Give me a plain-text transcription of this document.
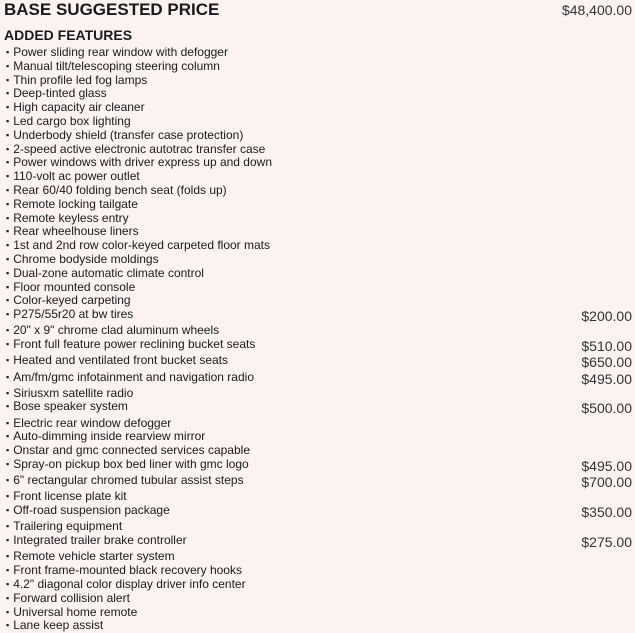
BASE SUGGESTED PRICE	$48,400.00
ADDED FEATURES
▪ Power sliding rear window with defogger
▪ Manual tilt/telescoping steering column
▪ Thin profile led fog lamps
▪ Deep-tinted glass
▪ High capacity air cleaner
▪ Led cargo box lighting
▪ Underbody shield (transfer case protection)
▪ 2-speed active electronic autotrac transfer case
▪ Power windows with driver express up and down
▪ 110-volt ac power outlet
▪ Rear 60/40 folding bench seat (folds up)
▪ Remote locking tailgate
▪ Remote keyless entry
▪ Rear wheelhouse liners
▪ 1st and 2nd row color-keyed carpeted floor mats
▪ Chrome bodyside moldings
▪ Dual-zone automatic climate control
▪ Floor mounted console
▪ Color-keyed carpeting
▪ P275/55r20 at bw tires	$200.00
▪ 20" x 9" chrome clad aluminum wheels
▪ Front full feature power reclining bucket seats	$510.00
▪ Heated and ventilated front bucket seats	$650.00
▪ Am/fm/gmc infotainment and navigation radio	$495.00
▪ Siriusxm satellite radio
▪ Bose speaker system	$500.00
▪ Electric rear window defogger
▪ Auto-dimming inside rearview mirror
▪ Onstar and gmc connected services capable
▪ Spray-on pickup box bed liner with gmc logo	$495.00
▪ 6" rectangular chromed tubular assist steps	$700.00
▪ Front license plate kit
▪ Off-road suspension package	$350.00
▪ Trailering equipment
▪ Integrated trailer brake controller	$275.00
▪ Remote vehicle starter system
▪ Front frame-mounted black recovery hooks
▪ 4.2" diagonal color display driver info center
▪ Forward collision alert
▪ Universal home remote
▪ Lane keep assist
